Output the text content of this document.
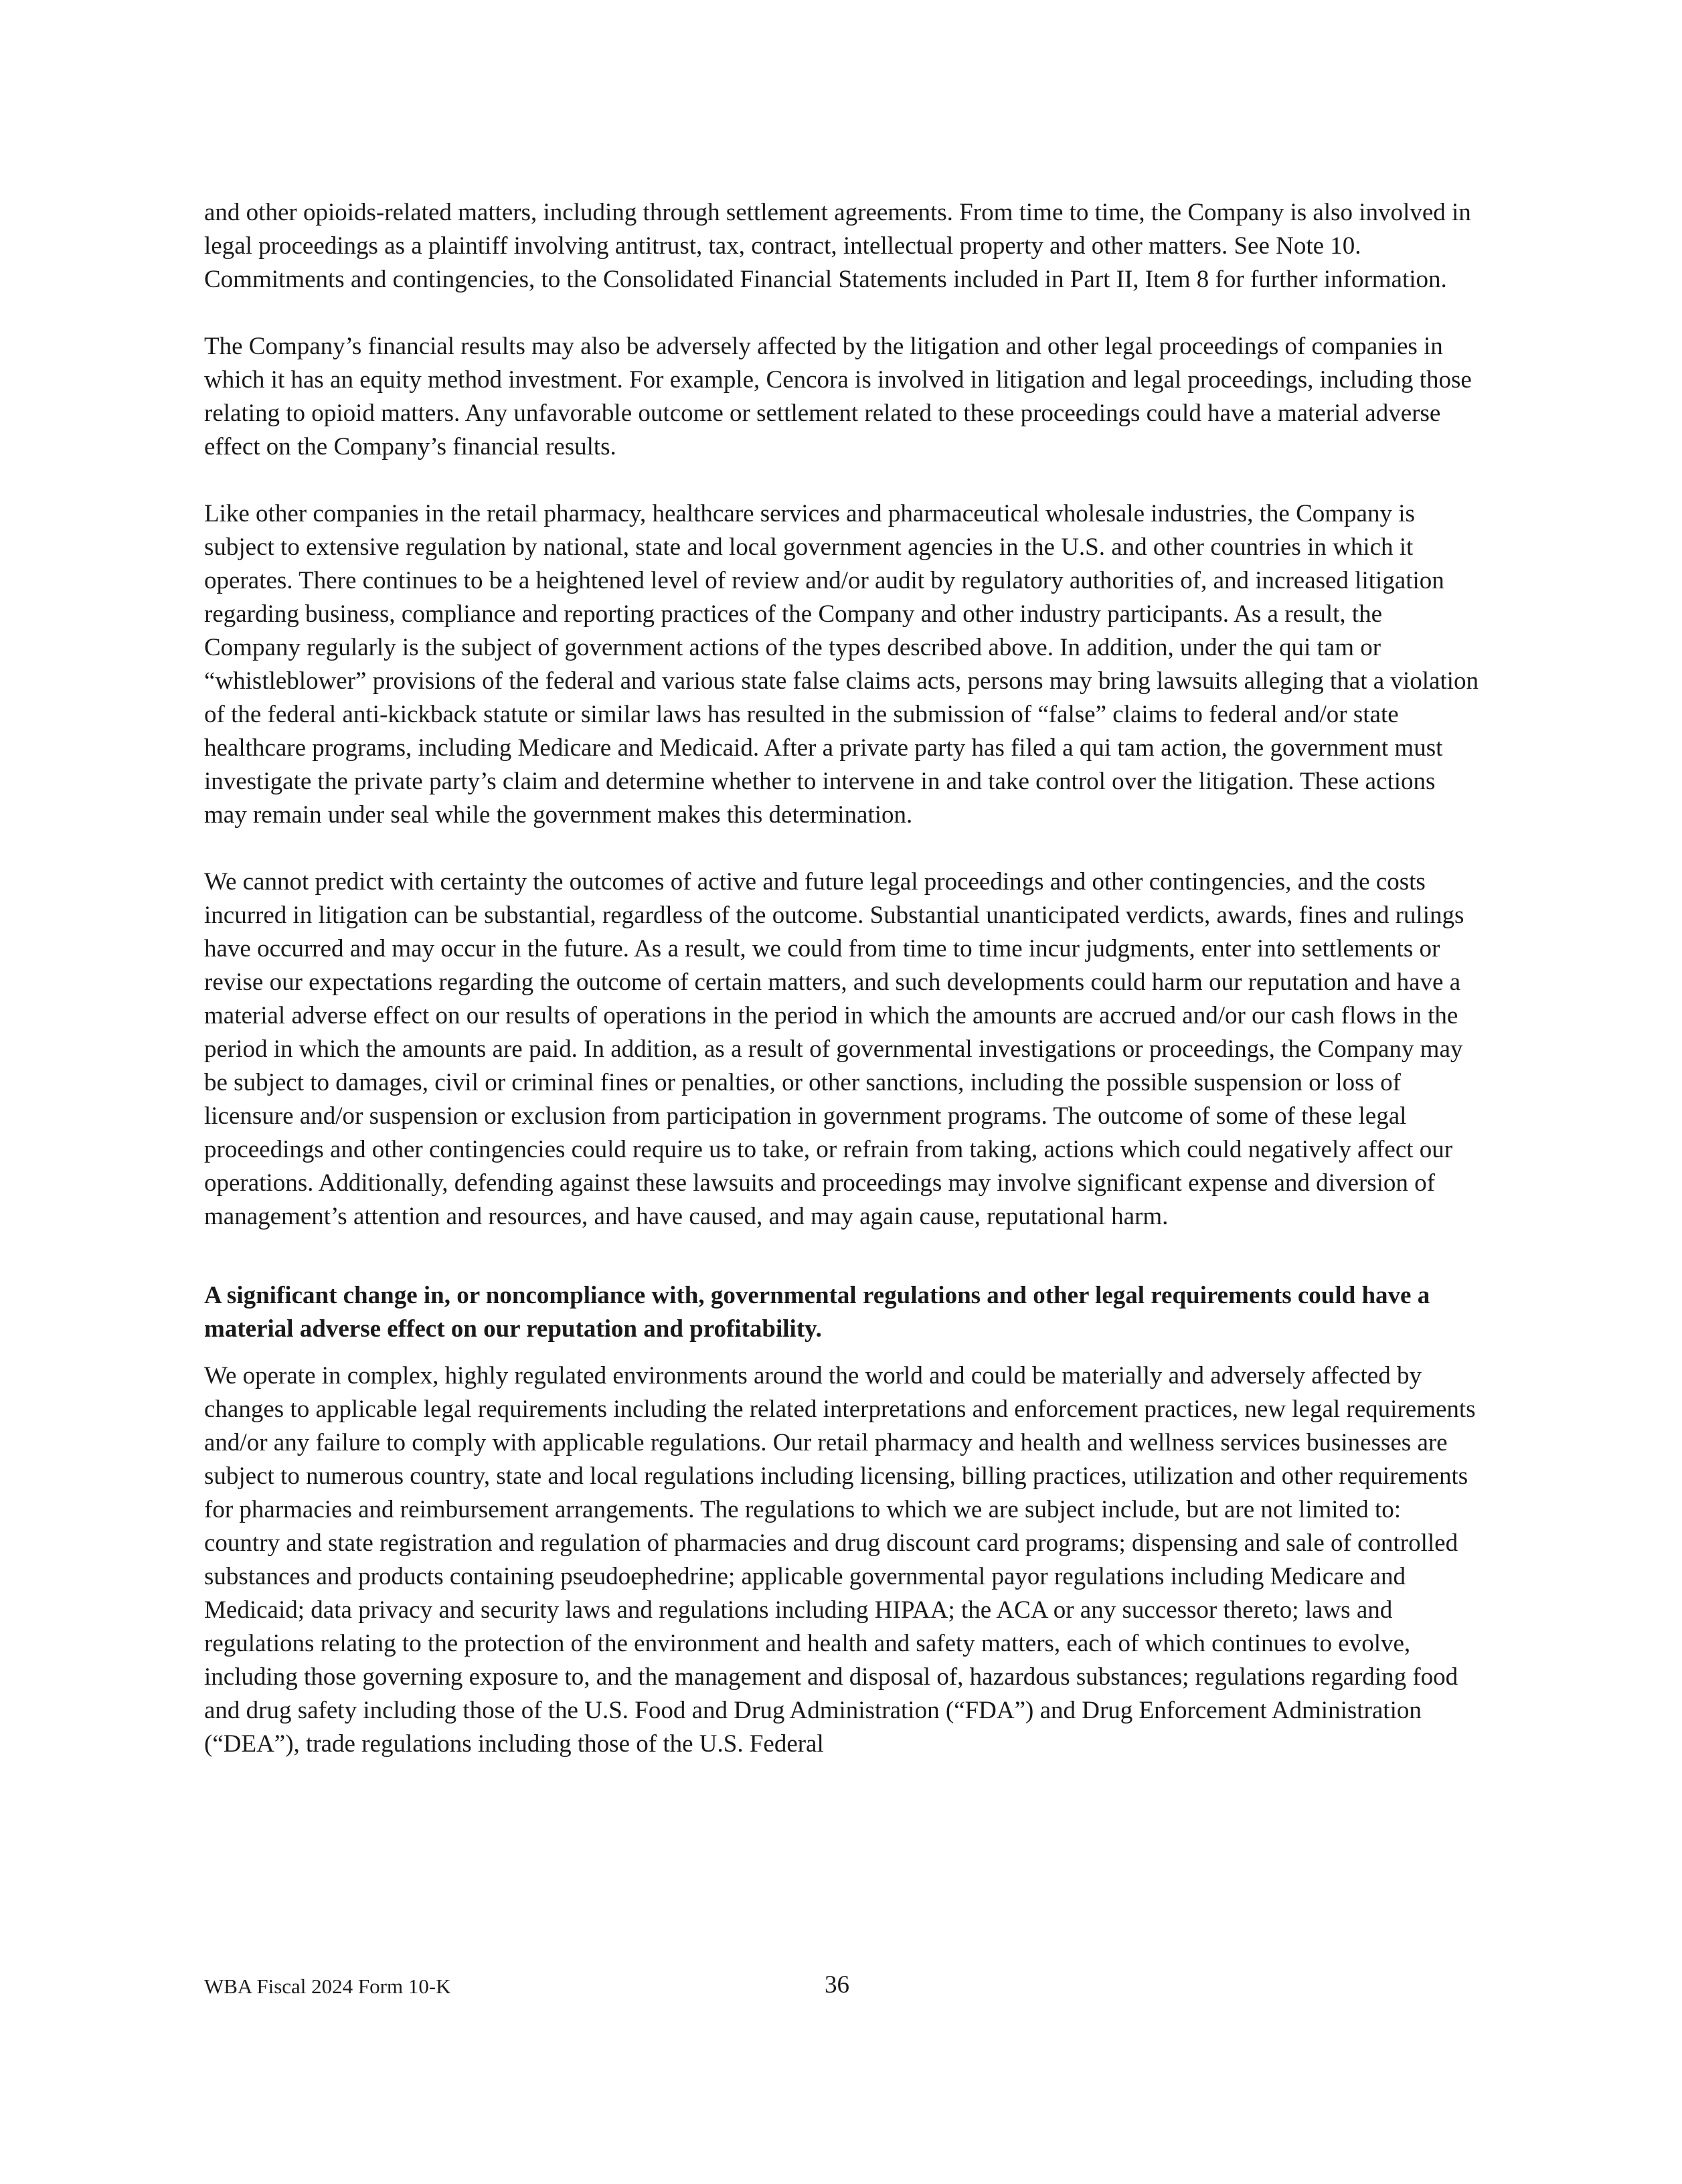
and other opioids-related matters, including through settlement agreements. From time to time, the Company is also involved in legal proceedings as a plaintiff involving antitrust, tax, contract, intellectual property and other matters. See Note 10. Commitments and contingencies, to the Consolidated Financial Statements included in Part II, Item 8 for further information.

The Company’s financial results may also be adversely affected by the litigation and other legal proceedings of companies in which it has an equity method investment. For example, Cencora is involved in litigation and legal proceedings, including those relating to opioid matters. Any unfavorable outcome or settlement related to these proceedings could have a material adverse effect on the Company’s financial results.

Like other companies in the retail pharmacy, healthcare services and pharmaceutical wholesale industries, the Company is subject to extensive regulation by national, state and local government agencies in the U.S. and other countries in which it operates. There continues to be a heightened level of review and/or audit by regulatory authorities of, and increased litigation regarding business, compliance and reporting practices of the Company and other industry participants. As a result, the Company regularly is the subject of government actions of the types described above. In addition, under the qui tam or “whistleblower” provisions of the federal and various state false claims acts, persons may bring lawsuits alleging that a violation of the federal anti-kickback statute or similar laws has resulted in the submission of “false” claims to federal and/or state healthcare programs, including Medicare and Medicaid. After a private party has filed a qui tam action, the government must investigate the private party’s claim and determine whether to intervene in and take control over the litigation. These actions may remain under seal while the government makes this determination.

We cannot predict with certainty the outcomes of active and future legal proceedings and other contingencies, and the costs incurred in litigation can be substantial, regardless of the outcome. Substantial unanticipated verdicts, awards, fines and rulings have occurred and may occur in the future. As a result, we could from time to time incur judgments, enter into settlements or revise our expectations regarding the outcome of certain matters, and such developments could harm our reputation and have a material adverse effect on our results of operations in the period in which the amounts are accrued and/or our cash flows in the period in which the amounts are paid. In addition, as a result of governmental investigations or proceedings, the Company may be subject to damages, civil or criminal fines or penalties, or other sanctions, including the possible suspension or loss of licensure and/or suspension or exclusion from participation in government programs. The outcome of some of these legal proceedings and other contingencies could require us to take, or refrain from taking, actions which could negatively affect our operations. Additionally, defending against these lawsuits and proceedings may involve significant expense and diversion of management’s attention and resources, and have caused, and may again cause, reputational harm.

A significant change in, or noncompliance with, governmental regulations and other legal requirements could have a material adverse effect on our reputation and profitability.

We operate in complex, highly regulated environments around the world and could be materially and adversely affected by changes to applicable legal requirements including the related interpretations and enforcement practices, new legal requirements and/or any failure to comply with applicable regulations. Our retail pharmacy and health and wellness services businesses are subject to numerous country, state and local regulations including licensing, billing practices, utilization and other requirements for pharmacies and reimbursement arrangements. The regulations to which we are subject include, but are not limited to: country and state registration and regulation of pharmacies and drug discount card programs; dispensing and sale of controlled substances and products containing pseudoephedrine; applicable governmental payor regulations including Medicare and Medicaid; data privacy and security laws and regulations including HIPAA; the ACA or any successor thereto; laws and regulations relating to the protection of the environment and health and safety matters, each of which continues to evolve, including those governing exposure to, and the management and disposal of, hazardous substances; regulations regarding food and drug safety including those of the U.S. Food and Drug Administration (“FDA”) and Drug Enforcement Administration (“DEA”), trade regulations including those of the U.S. Federal

WBA Fiscal 2024 Form 10-K	36
